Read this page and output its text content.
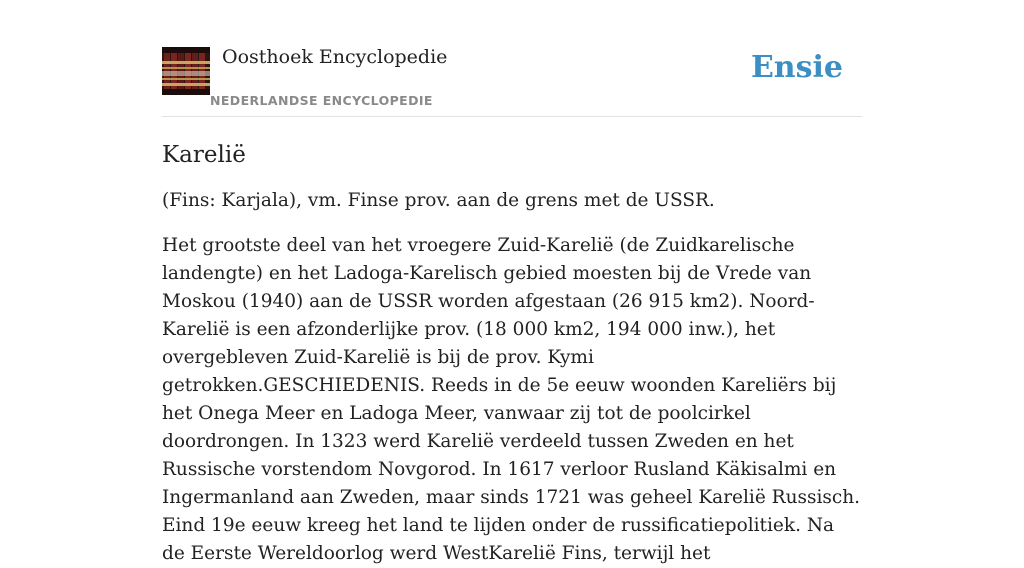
Oosthoek Encyclopedie
NEDERLANDSE ENCYCLOPEDIE
Ensie
Karelië

(Fins: Karjala), vm. Finse prov. aan de grens met de USSR.

Het grootste deel van het vroegere Zuid-Karelië (de Zuidkarelische landengte) en het Ladoga-Karelisch gebied moesten bij de Vrede van Moskou (1940) aan de USSR worden afgestaan (26 915 km2). Noord-Karelië is een afzonderlijke prov. (18 000 km2, 194 000 inw.), het overgebleven Zuid-Karelië is bij de prov. Kymi getrokken.GESCHIEDENIS. Reeds in de 5e eeuw woonden Kareliërs bij het Onega Meer en Ladoga Meer, vanwaar zij tot de poolcirkel doordrongen. In 1323 werd Karelië verdeeld tussen Zweden en het Russische vorstendom Novgorod. In 1617 verloor Rusland Käkisalmi en Ingermanland aan Zweden, maar sinds 1721 was geheel Karelië Russisch. Eind 19e eeuw kreeg het land te lijden onder de russificatiepolitiek. Na de Eerste Wereldoorlog werd WestKarelië Fins, terwijl het
